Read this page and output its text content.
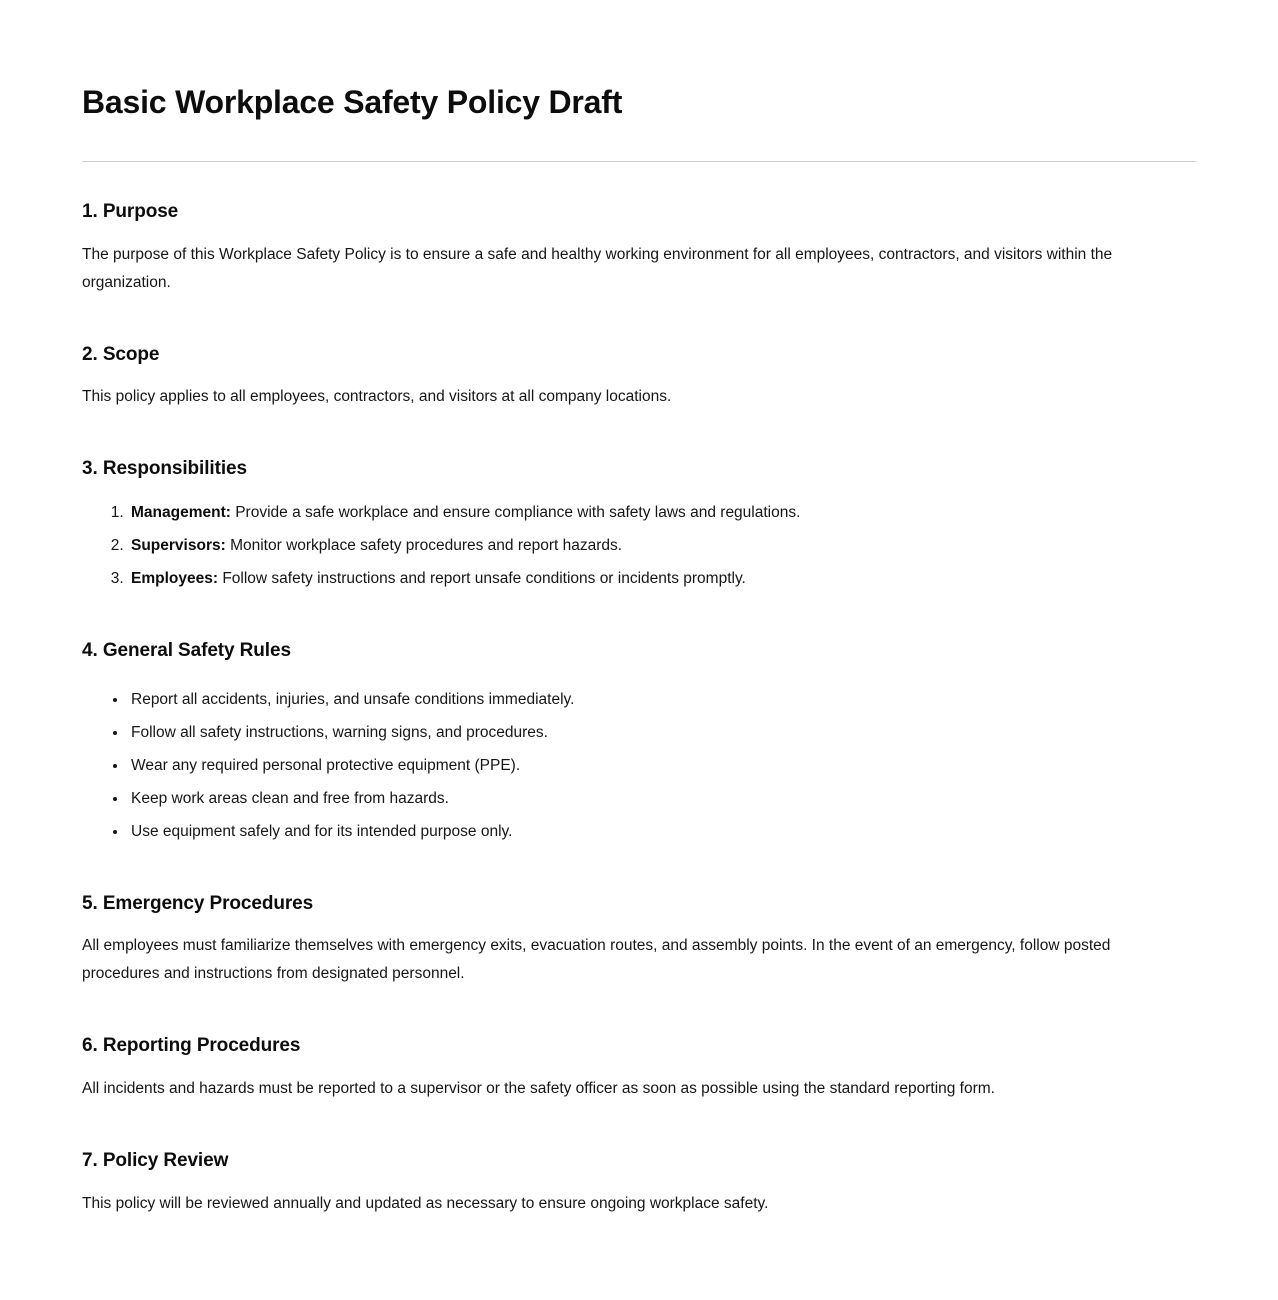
Basic Workplace Safety Policy Draft
1. Purpose

The purpose of this Workplace Safety Policy is to ensure a safe and healthy working environment for all employees, contractors, and visitors within the organization.

2. Scope

This policy applies to all employees, contractors, and visitors at all company locations.

3. Responsibilities
1. Management: Provide a safe workplace and ensure compliance with safety laws and regulations.
2. Supervisors: Monitor workplace safety procedures and report hazards.
3. Employees: Follow safety instructions and report unsafe conditions or incidents promptly.
4. General Safety Rules
• Report all accidents, injuries, and unsafe conditions immediately.
• Follow all safety instructions, warning signs, and procedures.
• Wear any required personal protective equipment (PPE).
• Keep work areas clean and free from hazards.
• Use equipment safely and for its intended purpose only.
5. Emergency Procedures

All employees must familiarize themselves with emergency exits, evacuation routes, and assembly points. In the event of an emergency, follow posted procedures and instructions from designated personnel.

6. Reporting Procedures

All incidents and hazards must be reported to a supervisor or the safety officer as soon as possible using the standard reporting form.

7. Policy Review

This policy will be reviewed annually and updated as necessary to ensure ongoing workplace safety.
